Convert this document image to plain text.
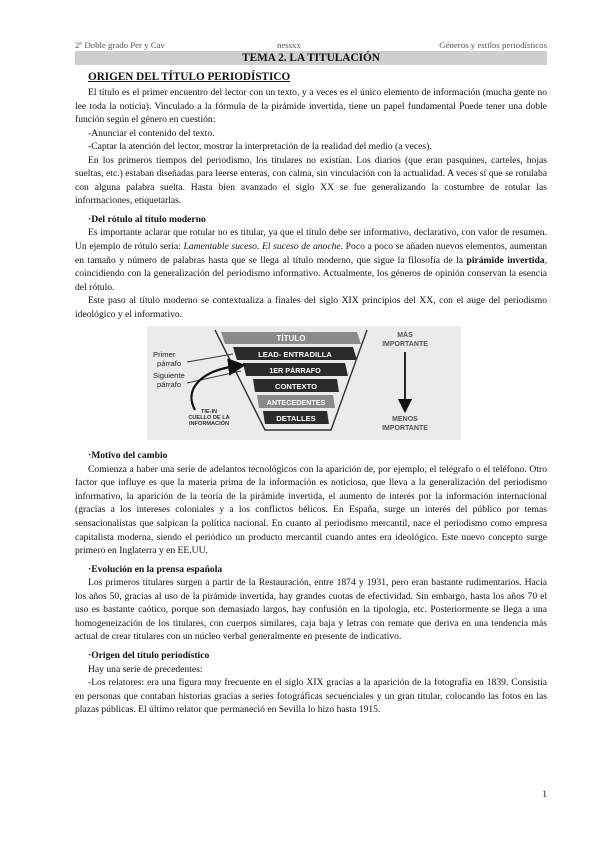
2º Doble grado Per y Cav	nessxx	Géneros y estilos periodísticos
TEMA 2. LA TITULACIÓN

ORIGEN DEL TÍTULO PERIODÍSTICO

El título es el primer encuentro del lector con un texto, y a veces es el único elemento de información (mucha gente no lee toda la noticia). Vinculado a la fórmula de la pirámide invertida, tiene un papel fundamental Puede tener una doble función según el género en cuestión:

-Anunciar el contenido del texto.

-Captar la atención del lector, mostrar la interpretación de la realidad del medio (a veces).

En los primeros tiempos del periodismo, los titulares no existían. Los diarios (que eran pasquines, carteles, hojas sueltas, etc.) estaban diseñadas para leerse enteras, con calma, sin vinculación con la actualidad. A veces sí que se rotulaba con alguna palabra suelta. Hasta bien avanzado el siglo XX se fue generalizando la costumbre de rotular las informaciones, etiquetarlas.

·Del rótulo al título moderno

Es importante aclarar que rotular no es titular, ya que el título debe ser informativo, declarativo, con valor de resumen. Un ejemplo de rótulo sería: Lamentable suceso. El suceso de anoche. Poco a poco se añaden nuevos elementos, aumentan en tamaño y número de palabras hasta que se llega al título moderno, que sigue la filosofía de la pirámide invertida, coincidiendo con la generalización del periodismo informativo. Actualmente, los géneros de opinión conservan la esencia del rótulo.

Este paso al título moderno se contextualiza a finales del siglo XIX principios del XX, con el auge del periodismo ideológico y el informativo.

TÍTULO
LEAD- ENTRADILLA
1ER PÁRRAFO
CONTEXTO
ANTECEDENTES
DETALLES
Primer
párrafo
Siguiente
párrafo
TIE-IN
CUELLO DE LA
INFORMACIÓN
MÁS
IMPORTANTE
MENOS
IMPORTANTE

·Motivo del cambio

Comienza a haber una serie de adelantos tecnológicos con la aparición de, por ejemplo, el telégrafo o el teléfono. Otro factor que influye es que la materia prima de la información es noticiosa, que lleva a la generalización del periodismo informativo, la aparición de la teoría de la pirámide invertida, el aumento de interés por la información internacional (gracias a los intereses coloniales y a los conflictos bélicos. En España, surge un interés del público por temas sensacionalistas que salpican la política nacional. En cuanto al periodismo mercantil, nace el periodismo como empresa capitalista moderna, siendo el periódico un producto mercantil cuando antes era ideológico. Este nuevo concepto surge primero en Inglaterra y en EE.UU.

·Evolución en la prensa española

Los primeros titulares surgen a partir de la Restauración, entre 1874 y 1931, pero eran bastante rudimentarios. Hacia los años 50, gracias al uso de la pirámide invertida, hay grandes cuotas de efectividad. Sin embargo, hasta los años 70 el uso es bastante caótico, porque son demasiado largos, hay confusión en la tipología, etc. Posteriormente se llega a una homogeneización de los titulares, con cuerpos similares, caja baja y letras con remate que deriva en una tendencia más actual de crear titulares con un núcleo verbal generalmente en presente de indicativo.

·Origen del título periodístico

Hay una serie de precedentes:

-Los relatores: era una figura muy frecuente en el siglo XIX gracias a la aparición de la fotografía en 1839. Consistía en personas que contaban historias gracias a series fotográficas secuenciales y un gran titular, colocando las fotos en las plazas públicas. El último relator que permaneció en Sevilla lo hizo hasta 1915.

1
